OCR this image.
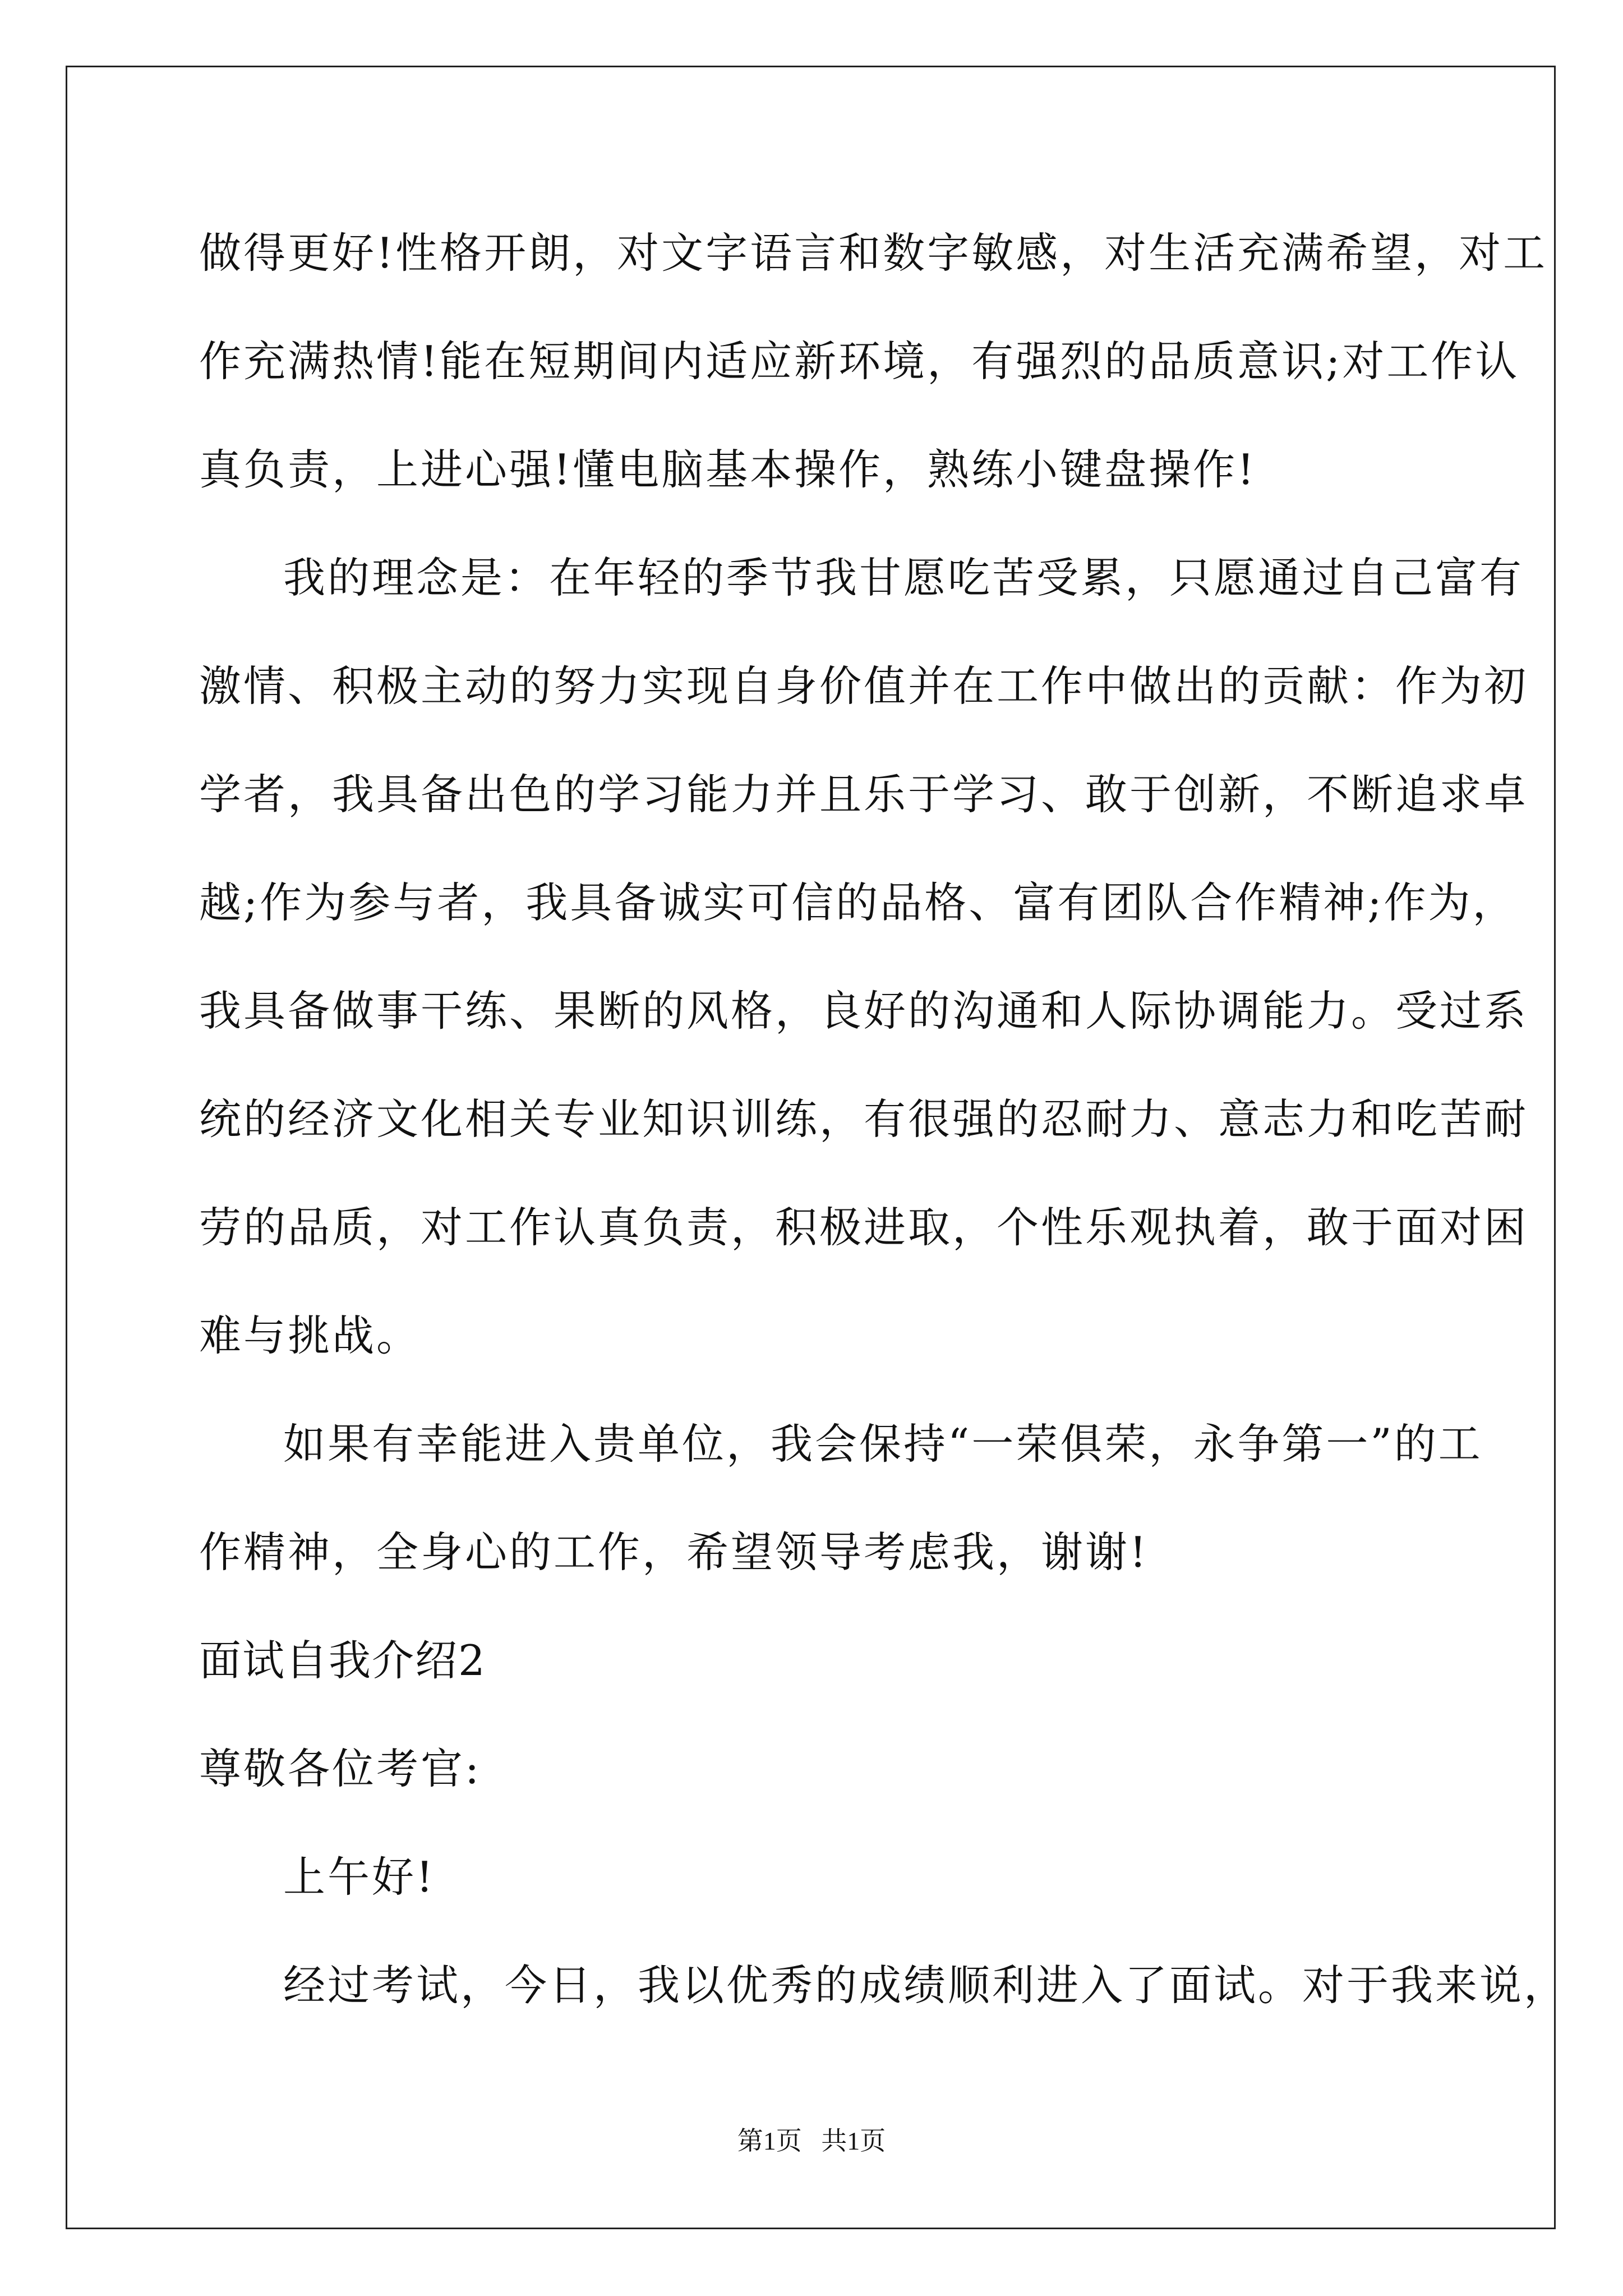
做得更好!性格开朗，对文字语言和数字敏感，对生活充满希望，对工
作充满热情!能在短期间内适应新环境，有强烈的品质意识;对工作认
真负责，上进心强!懂电脑基本操作，熟练小键盘操作!
我的理念是：在年轻的季节我甘愿吃苦受累，只愿通过自己富有
激情、积极主动的努力实现自身价值并在工作中做出的贡献：作为初
学者，我具备出色的学习能力并且乐于学习、敢于创新，不断追求卓
越;作为参与者，我具备诚实可信的品格、富有团队合作精神;作为，
我具备做事干练、果断的风格，良好的沟通和人际协调能力。受过系
统的经济文化相关专业知识训练，有很强的忍耐力、意志力和吃苦耐
劳的品质，对工作认真负责，积极进取，个性乐观执着，敢于面对困
难与挑战。
如果有幸能进入贵单位，我会保持“一荣俱荣，永争第一”的工
作精神，全身心的工作，希望领导考虑我，谢谢!
面试自我介绍2
尊敬各位考官:
上午好!
经过考试，今日，我以优秀的成绩顺利进入了面试。对于我来说，
第1页   共1页
